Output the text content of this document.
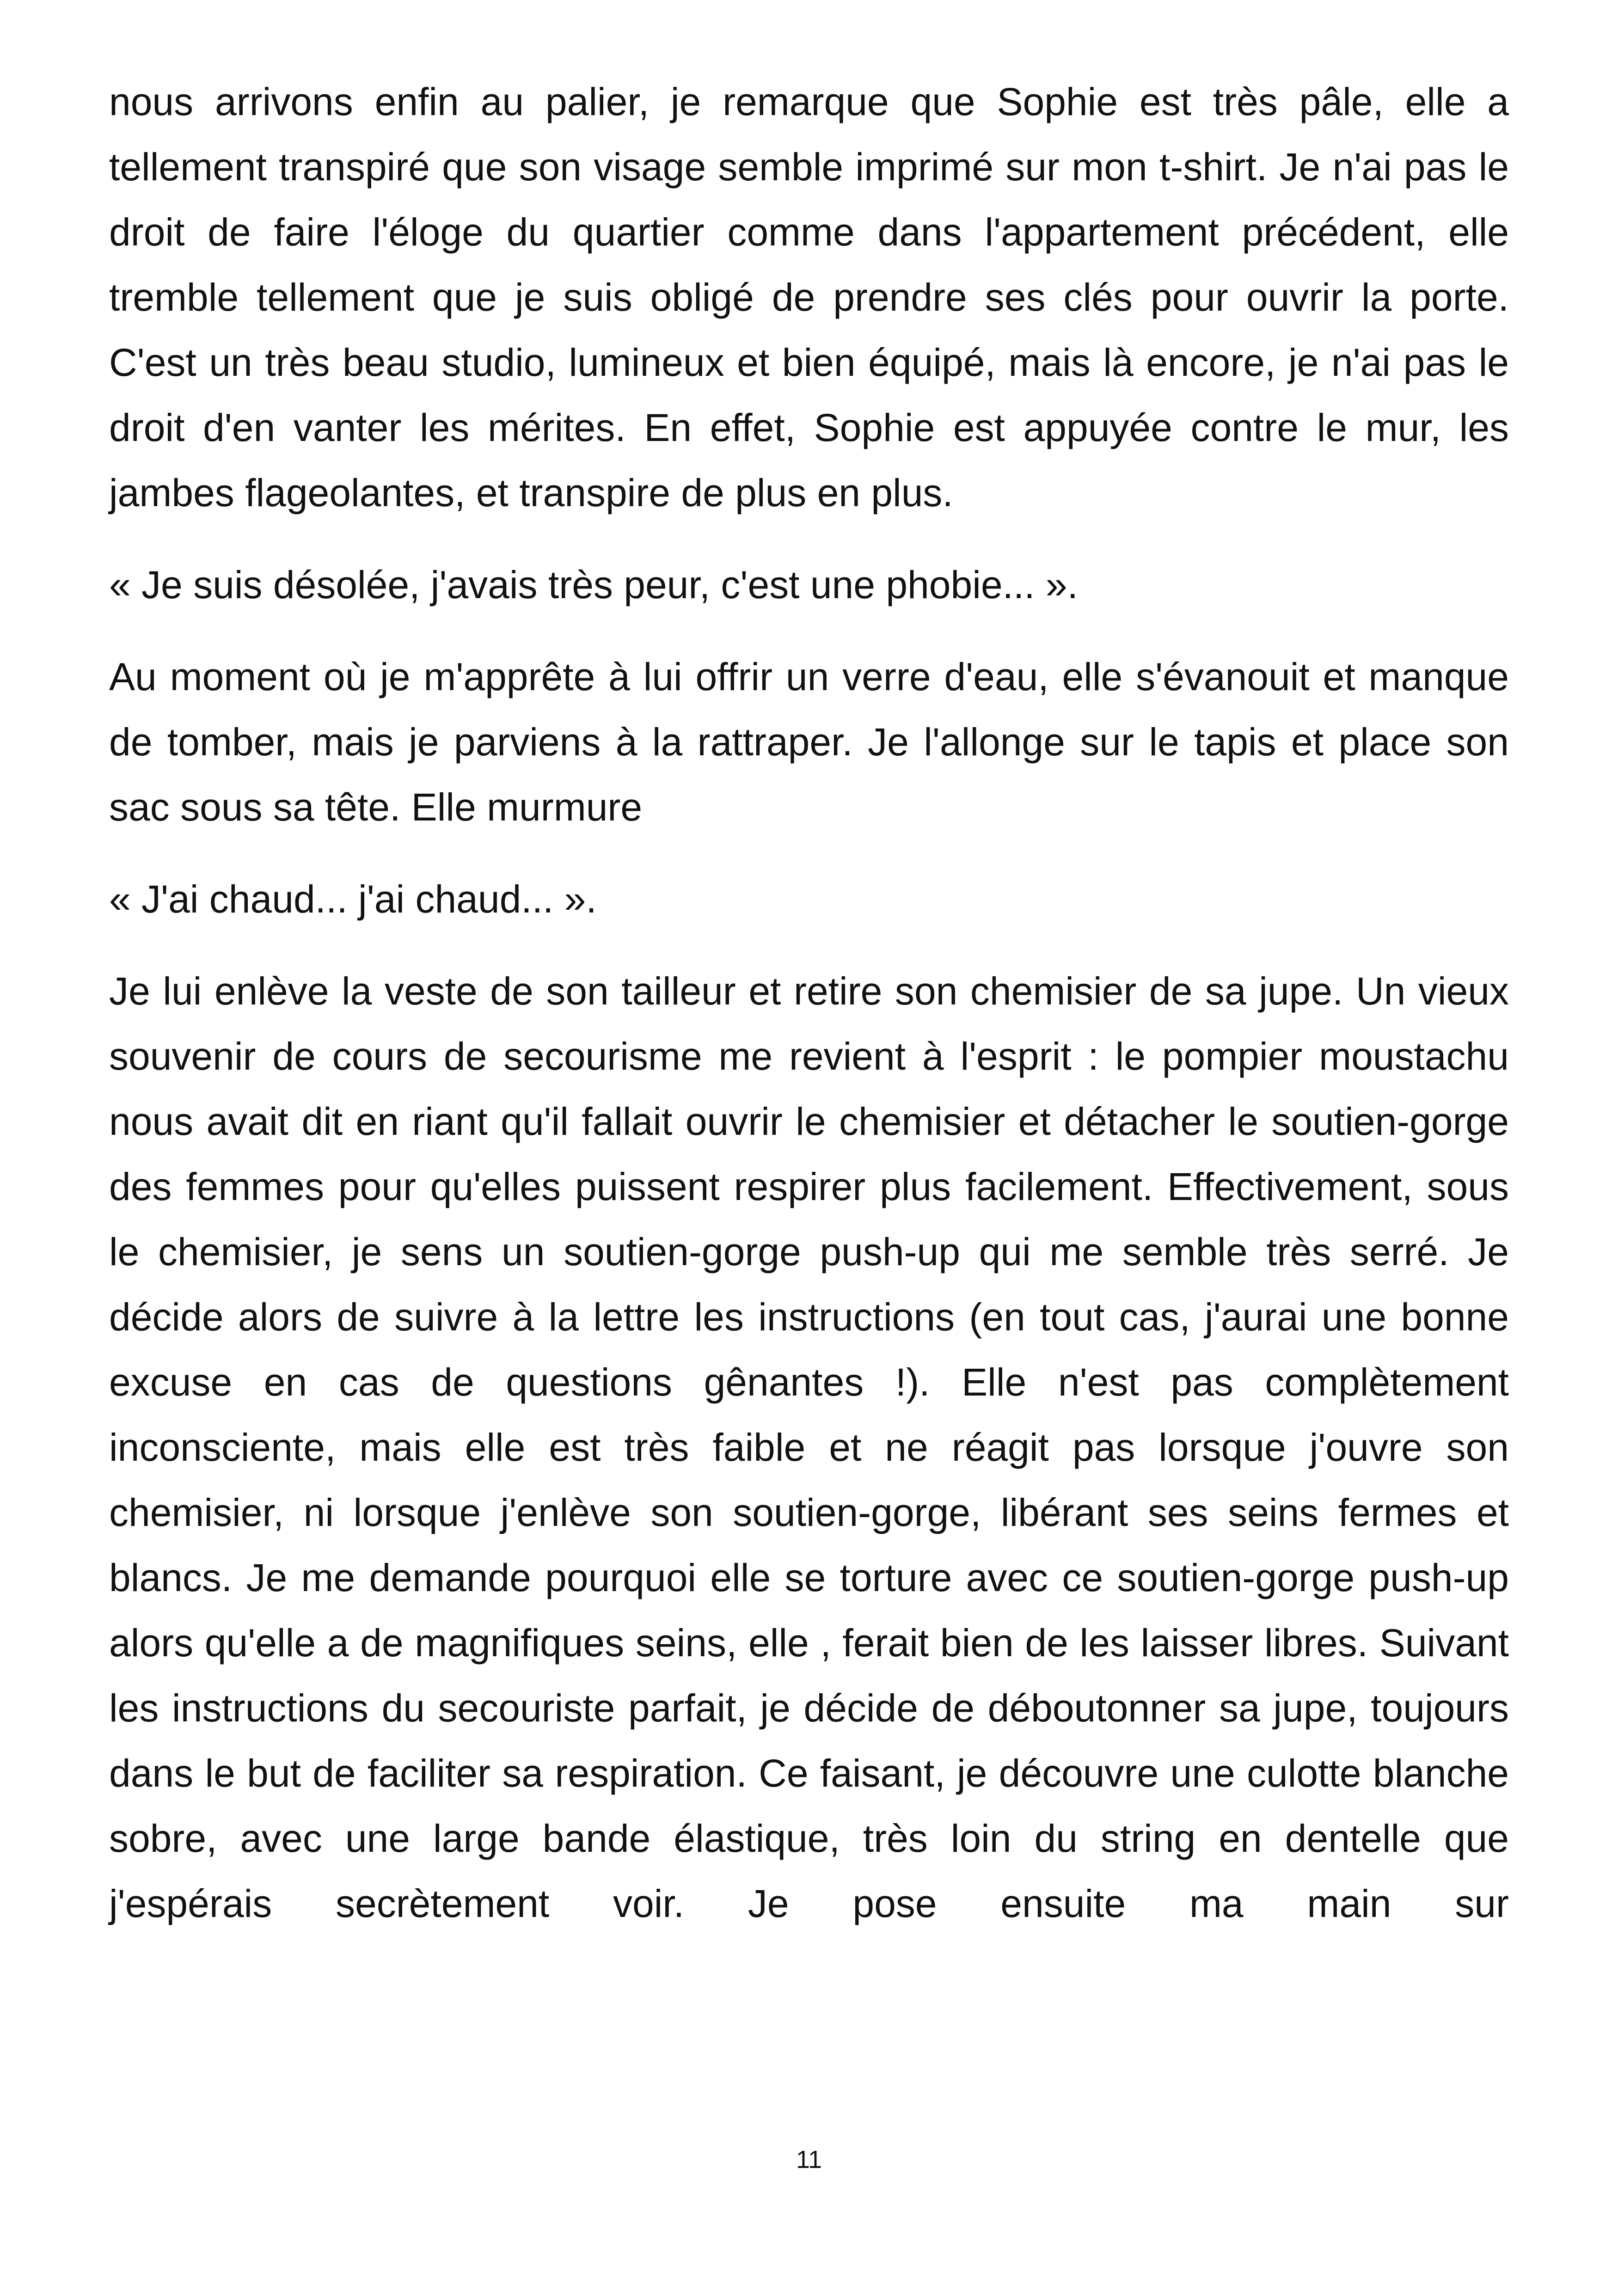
nous arrivons enfin au palier, je remarque que Sophie est très pâle, elle a tellement transpiré que son visage semble imprimé sur mon t-shirt. Je n'ai pas le droit de faire l'éloge du quartier comme dans l'appartement précédent, elle tremble tellement que je suis obligé de prendre ses clés pour ouvrir la porte. C'est un très beau studio, lumineux et bien équipé, mais là encore, je n'ai pas le droit d'en vanter les mérites. En effet, Sophie est appuyée contre le mur, les jambes flageolantes, et transpire de plus en plus.

« Je suis désolée, j'avais très peur, c'est une phobie... ».

Au moment où je m'apprête à lui offrir un verre d'eau, elle s'évanouit et manque de tomber, mais je parviens à la rattraper. Je l'allonge sur le tapis et place son sac sous sa tête. Elle murmure

« J'ai chaud... j'ai chaud... ».

Je lui enlève la veste de son tailleur et retire son chemisier de sa jupe. Un vieux souvenir de cours de secourisme me revient à l'esprit : le pompier moustachu nous avait dit en riant qu'il fallait ouvrir le chemisier et détacher le soutien-gorge des femmes pour qu'elles puissent respirer plus facilement. Effectivement, sous le chemisier, je sens un soutien-gorge push-up qui me semble très serré. Je décide alors de suivre à la lettre les instructions (en tout cas, j'aurai une bonne excuse en cas de questions gênantes !). Elle n'est pas complètement inconsciente, mais elle est très faible et ne réagit pas lorsque j'ouvre son chemisier, ni lorsque j'enlève son soutien-gorge, libérant ses seins fermes et blancs. Je me demande pourquoi elle se torture avec ce soutien-gorge push-up alors qu'elle a de magnifiques seins, elle , ferait bien de les laisser libres. Suivant les instructions du secouriste parfait, je décide de déboutonner sa jupe, toujours dans le but de faciliter sa respiration. Ce faisant, je découvre une culotte blanche sobre, avec une large bande élastique, très loin du string en dentelle que j'espérais secrètement voir. Je pose ensuite ma main sur

11
